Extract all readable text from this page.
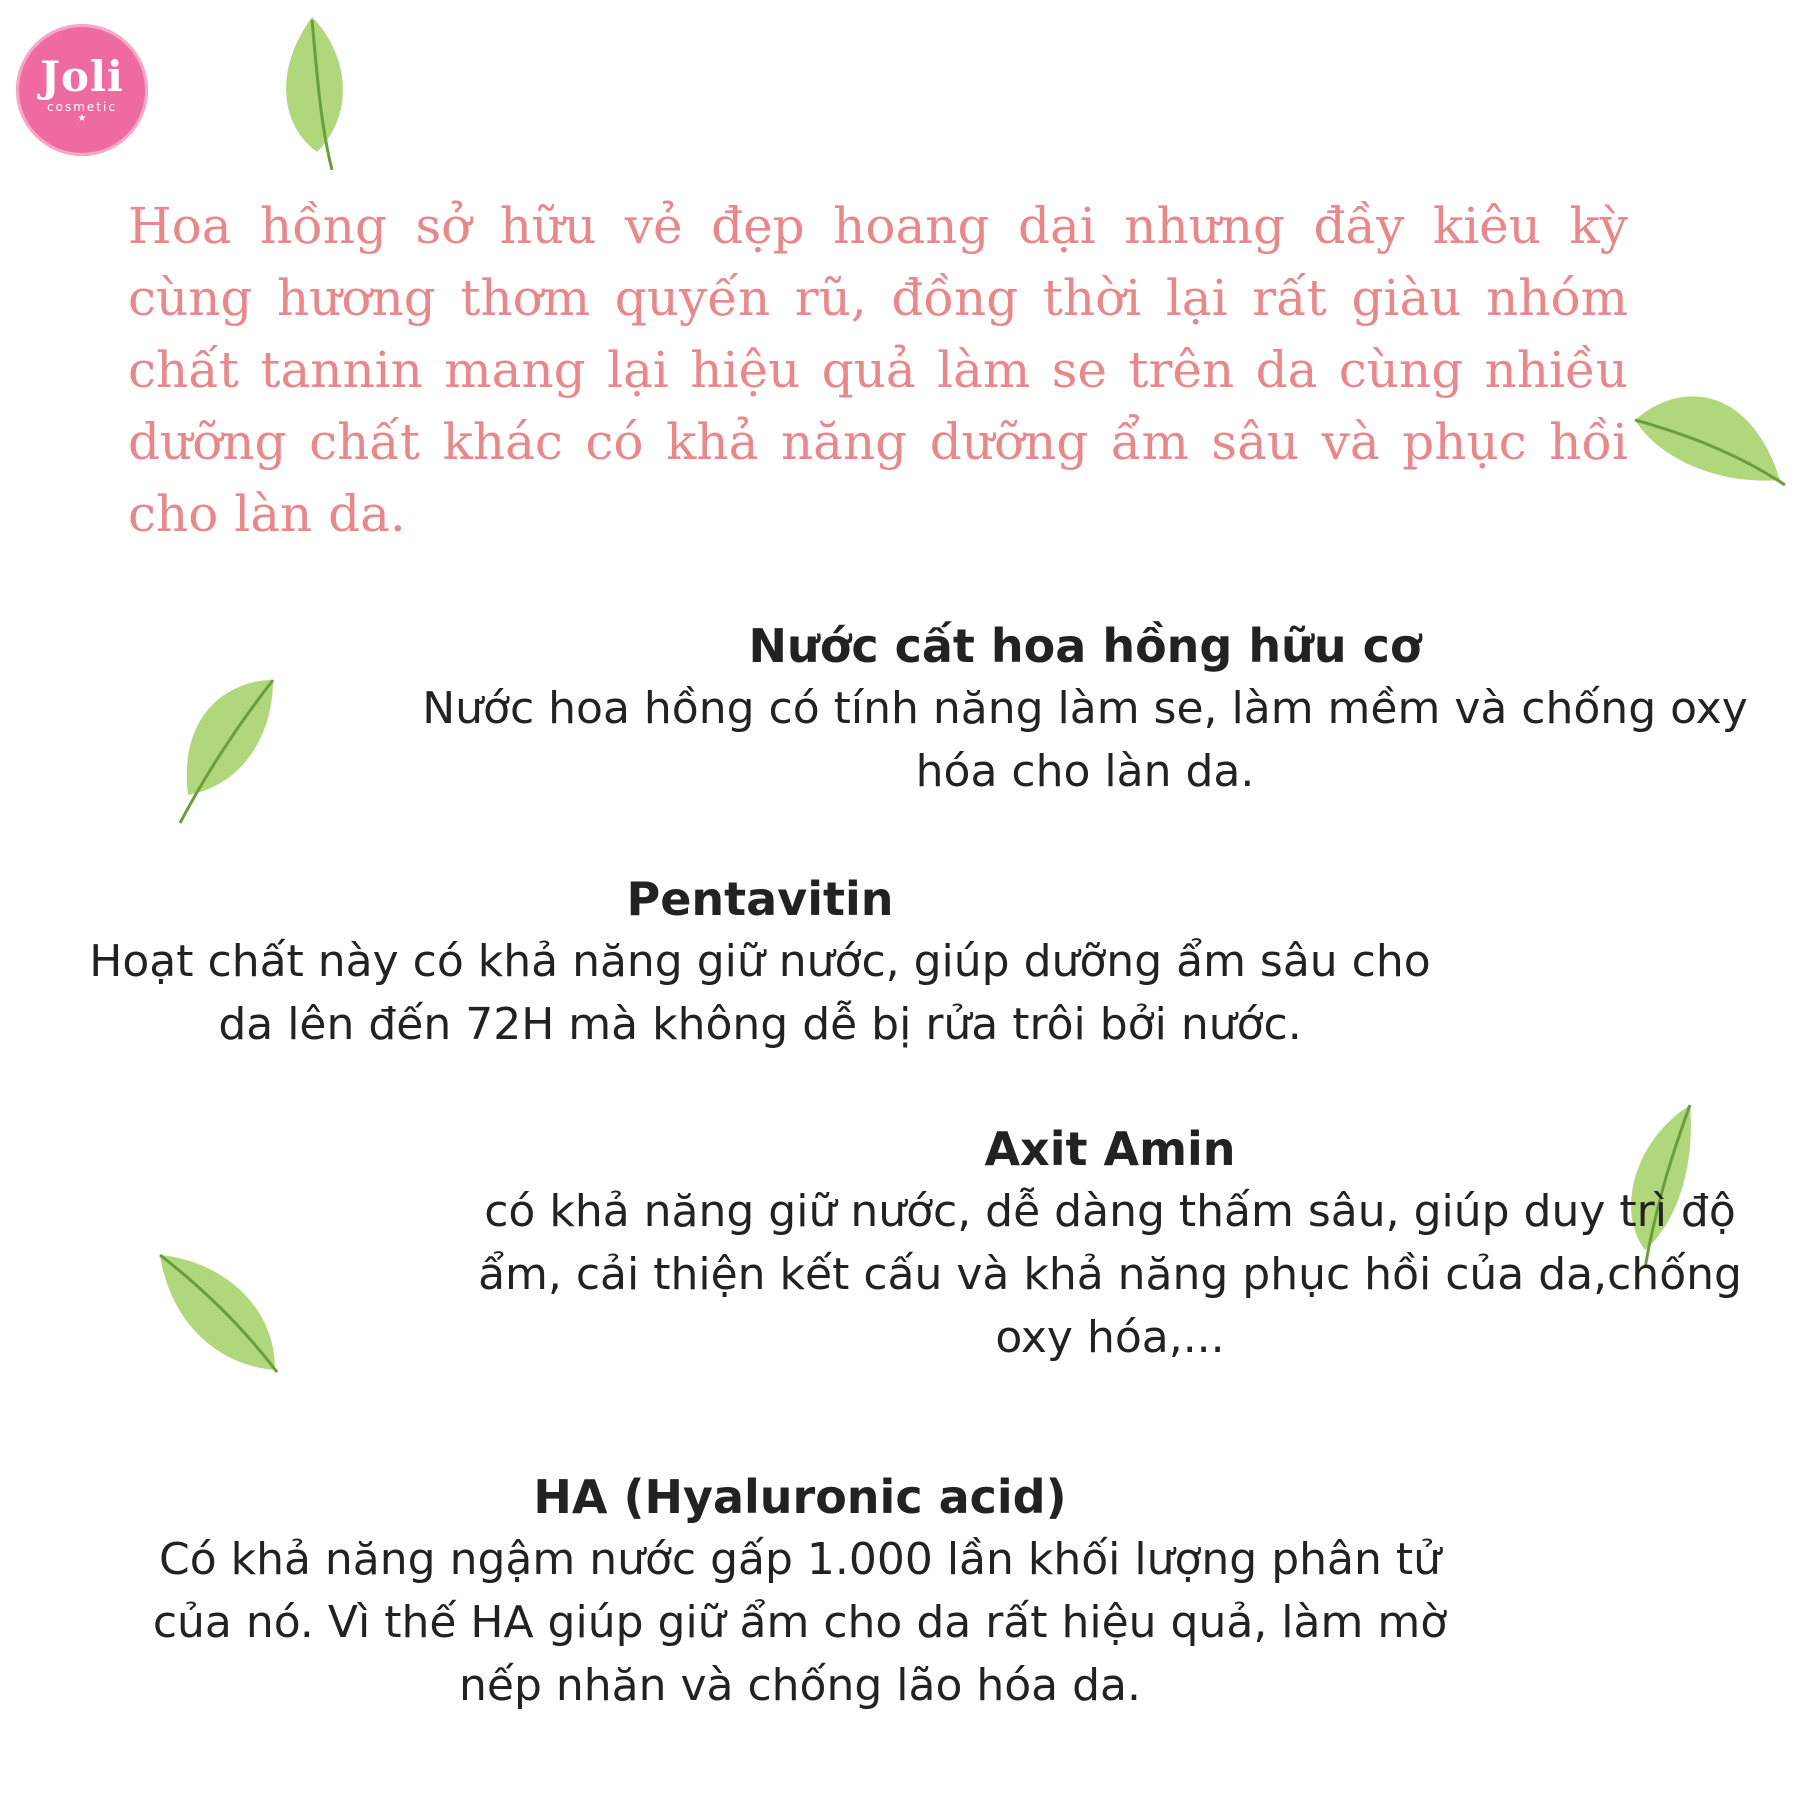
Joli
cosmetic
★

Hoa hồng sở hữu vẻ đẹp hoang dại nhưng đầy kiêu kỳ cùng hương thơm quyến rũ, đồng thời lại rất giàu nhóm chất tannin mang lại hiệu quả làm se trên da cùng nhiều dưỡng chất khác có khả năng dưỡng ẩm sâu và phục hồi cho làn da.

Nước cất hoa hồng hữu cơ

Nước hoa hồng có tính năng làm se, làm mềm và chống oxy hóa cho làn da.

Pentavitin

Hoạt chất này có khả năng giữ nước, giúp dưỡng ẩm sâu cho da lên đến 72H mà không dễ bị rửa trôi bởi nước.

Axit Amin

có khả năng giữ nước, dễ dàng thấm sâu, giúp duy trì độ ẩm, cải thiện kết cấu và khả năng phục hồi của da,chống oxy hóa,...

HA (Hyaluronic acid)

Có khả năng ngậm nước gấp 1.000 lần khối lượng phân tử của nó. Vì thế HA giúp giữ ẩm cho da rất hiệu quả, làm mờ nếp nhăn và chống lão hóa da.
